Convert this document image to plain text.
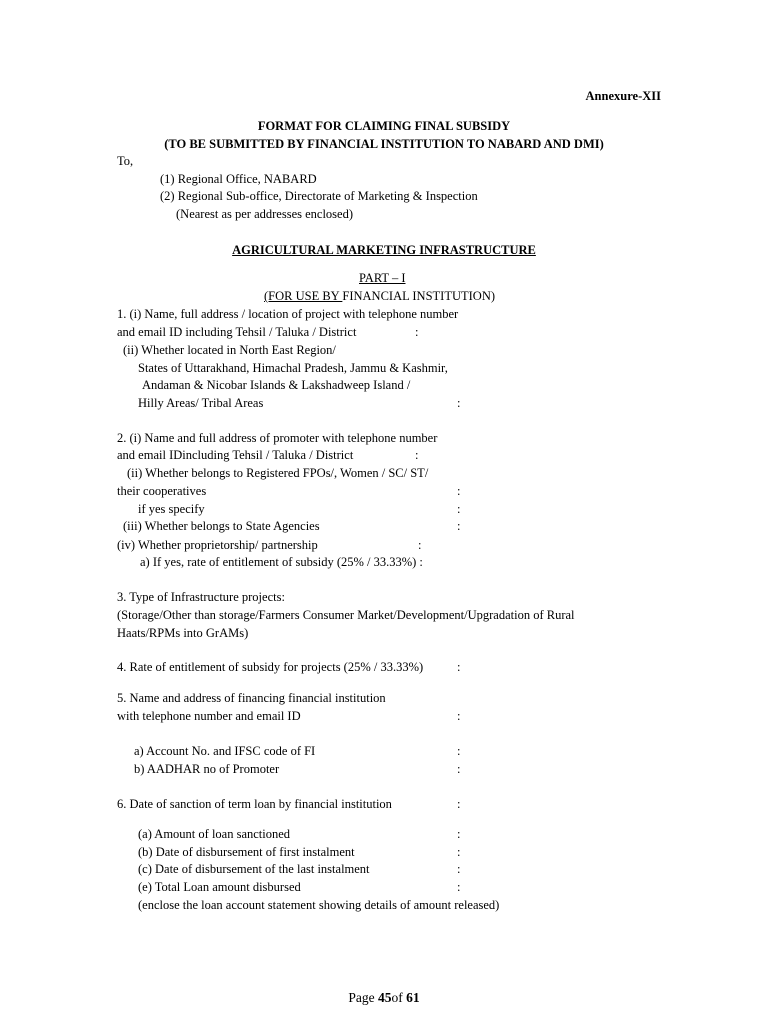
Annexure-XII
FORMAT FOR CLAIMING FINAL SUBSIDY
(TO BE SUBMITTED BY FINANCIAL INSTITUTION TO NABARD AND DMI)
To,
(1) Regional Office, NABARD
(2) Regional Sub-office, Directorate of Marketing & Inspection
(Nearest as per addresses enclosed)
AGRICULTURAL MARKETING INFRASTRUCTURE
PART – I
(FOR USE BY FINANCIAL INSTITUTION)
1. (i) Name, full address / location of project with telephone number
and email ID including Tehsil / Taluka / District	:
(ii) Whether located in North East Region/
States of Uttarakhand, Himachal Pradesh, Jammu & Kashmir,
Andaman & Nicobar Islands & Lakshadweep Island /
Hilly Areas/ Tribal Areas	:
2. (i) Name and full address of promoter with telephone number
and email IDincluding Tehsil / Taluka / District	:
(ii) Whether belongs to Registered FPOs/, Women / SC/ ST/
their cooperatives	:
if yes specify	:
(iii) Whether belongs to State Agencies	:
(iv) Whether proprietorship/ partnership	:
a) If yes, rate of entitlement of subsidy (25% / 33.33%) :
3. Type of Infrastructure projects:
(Storage/Other than storage/Farmers Consumer Market/Development/Upgradation of Rural
Haats/RPMs into GrAMs)
4. Rate of entitlement of subsidy for projects (25% / 33.33%)	:
5. Name and address of financing financial institution
with telephone number and email ID	:
a) Account No. and IFSC code of FI	:
b) AADHAR no of Promoter	:
6. Date of sanction of term loan by financial institution	:
(a) Amount of loan sanctioned	:
(b) Date of disbursement of first instalment	:
(c) Date of disbursement of the last instalment	:
(e) Total Loan amount disbursed	:
(enclose the loan account statement showing details of amount released)
Page 45of 61
